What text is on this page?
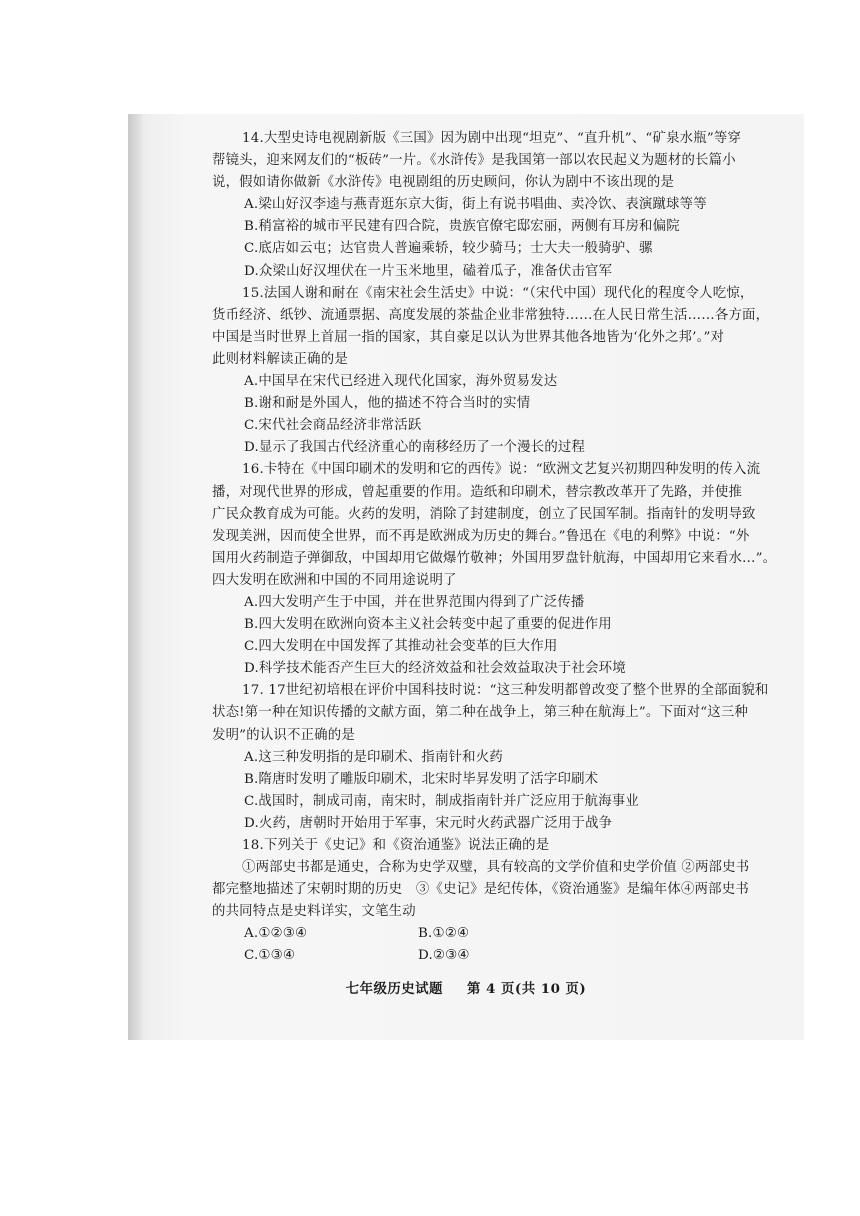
14.大型史诗电视剧新版《三国》因为剧中出现“坦克”、“直升机”、“矿泉水瓶”等穿
帮镜头，迎来网友们的“板砖”一片。《水浒传》是我国第一部以农民起义为题材的长篇小
说，假如请你做新《水浒传》电视剧组的历史顾问，你认为剧中不该出现的是
A.梁山好汉李逵与燕青逛东京大街，街上有说书唱曲、卖冷饮、表演蹴球等等
B.稍富裕的城市平民建有四合院，贵族官僚宅邸宏丽，两侧有耳房和偏院
C.底店如云屯；达官贵人普遍乘轿，较少骑马；士大夫一般骑驴、骡
D.众梁山好汉埋伏在一片玉米地里，磕着瓜子，准备伏击官军
15.法国人谢和耐在《南宋社会生活史》中说：“（宋代中国）现代化的程度令人吃惊，
货币经济、纸钞、流通票据、高度发展的茶盐企业非常独特……在人民日常生活……各方面，
中国是当时世界上首屈一指的国家，其自豪足以认为世界其他各地皆为‘化外之邦’。”对
此则材料解读正确的是
A.中国早在宋代已经进入现代化国家，海外贸易发达
B.谢和耐是外国人，他的描述不符合当时的实情
C.宋代社会商品经济非常活跃
D.显示了我国古代经济重心的南移经历了一个漫长的过程
16.卡特在《中国印刷术的发明和它的西传》说：“欧洲文艺复兴初期四种发明的传入流
播，对现代世界的形成，曾起重要的作用。造纸和印刷术，替宗教改革开了先路，并使推
广民众教育成为可能。火药的发明，消除了封建制度，创立了民国军制。指南针的发明导致
发现美洲，因而使全世界，而不再是欧洲成为历史的舞台。”鲁迅在《电的利弊》中说：“外
国用火药制造子弹御敌，中国却用它做爆竹敬神；外国用罗盘针航海，中国却用它来看水…”。
四大发明在欧洲和中国的不同用途说明了
A.四大发明产生于中国，并在世界范围内得到了广泛传播
B.四大发明在欧洲向资本主义社会转变中起了重要的促进作用
C.四大发明在中国发挥了其推动社会变革的巨大作用
D.科学技术能否产生巨大的经济效益和社会效益取决于社会环境
17. 17世纪初培根在评价中国科技时说：“这三种发明都曾改变了整个世界的全部面貌和
状态!第一种在知识传播的文献方面，第二种在战争上，第三种在航海上”。下面对“这三种
发明”的认识不正确的是
A.这三种发明指的是印刷术、指南针和火药
B.隋唐时发明了雕版印刷术，北宋时毕昇发明了活字印刷术
C.战国时，制成司南，南宋时，制成指南针并广泛应用于航海事业
D.火药，唐朝时开始用于军事，宋元时火药武器广泛用于战争
18.下列关于《史记》和《资治通鉴》说法正确的是
①两部史书都是通史，合称为史学双璧，具有较高的文学价值和史学价值 ②两部史书
都完整地描述了宋朝时期的历史　③《史记》是纪传体，《资治通鉴》是编年体④两部史书
的共同特点是史料详实，文笔生动
A.①②③④	B.①②④
C.①③④	D.②③④
七年级历史试题 第 4 页(共 10 页)
